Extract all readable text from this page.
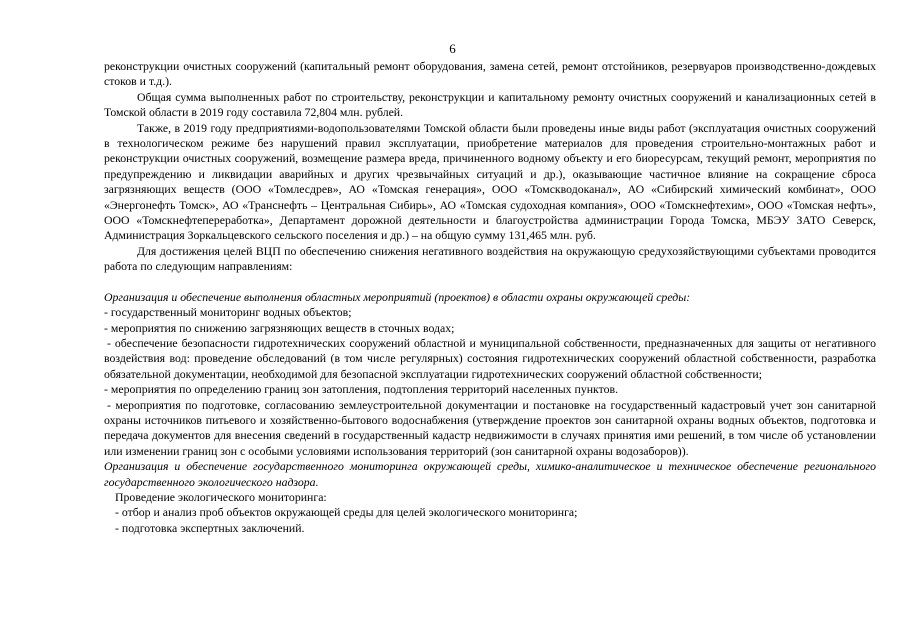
6

реконструкции очистных сооружений (капитальный ремонт оборудования, замена сетей, ремонт отстойников, резервуаров производственно-дождевых стоков и т.д.).

Общая сумма выполненных работ по строительству, реконструкции и капитальному ремонту очистных сооружений и канализационных сетей в Томской области в 2019 году составила 72,804 млн. рублей.

Также, в 2019 году предприятиями-водопользователями Томской области были проведены иные виды работ (эксплуатация очистных сооружений в технологическом режиме без нарушений правил эксплуатации, приобретение материалов для проведения строительно-монтажных работ и реконструкции очистных сооружений, возмещение размера вреда, причиненного водному объекту и его биоресурсам, текущий ремонт, мероприятия по предупреждению и ликвидации аварийных и других чрезвычайных ситуаций и др.), оказывающие частичное влияние на сокращение сброса загрязняющих веществ (ООО «Томлесдрев», АО «Томская генерация», ООО «Томскводоканал», АО «Сибирский химический комбинат», ООО «Энергонефть Томск», АО «Транснефть – Центральная Сибирь», АО «Томская судоходная компания», ООО «Томскнефтехим», ООО «Томская нефть», ООО «Томскнефтепереработка», Департамент дорожной деятельности и благоустройства администрации Города Томска, МБЭУ ЗАТО Северск, Администрация Зоркальцевского сельского поселения и др.) – на общую сумму 131,465 млн. руб.

Для достижения целей ВЦП по обеспечению снижения негативного воздействия на окружающую средухозяйствующими субъектами проводится работа по следующим направлениям:

Организация и обеспечение выполнения областных мероприятий (проектов) в области охраны окружающей среды:

- государственный мониторинг водных объектов;

- мероприятия по снижению загрязняющих веществ в сточных водах;

- обеспечение безопасности гидротехнических сооружений областной и муниципальной собственности, предназначенных для защиты от негативного воздействия вод: проведение обследований (в том числе регулярных) состояния гидротехнических сооружений областной собственности, разработка обязательной документации, необходимой для безопасной эксплуатации гидротехнических сооружений областной собственности;

- мероприятия по определению границ зон затопления, подтопления территорий населенных пунктов.

- мероприятия по подготовке, согласованию землеустроительной документации и постановке на государственный кадастровый учет зон санитарной охраны источников питьевого и хозяйственно-бытового водоснабжения (утверждение проектов зон санитарной охраны водных объектов, подготовка и передача документов для внесения сведений в государственный кадастр недвижимости в случаях принятия ими решений, в том числе об установлении или изменении границ зон с особыми условиями использования территорий (зон санитарной охраны водозаборов)).

Организация и обеспечение государственного мониторинга окружающей среды, химико-аналитическое и техническое обеспечение регионального государственного экологического надзора.

Проведение экологического мониторинга:

- отбор и анализ проб объектов окружающей среды для целей экологического мониторинга;

- подготовка экспертных заключений.
